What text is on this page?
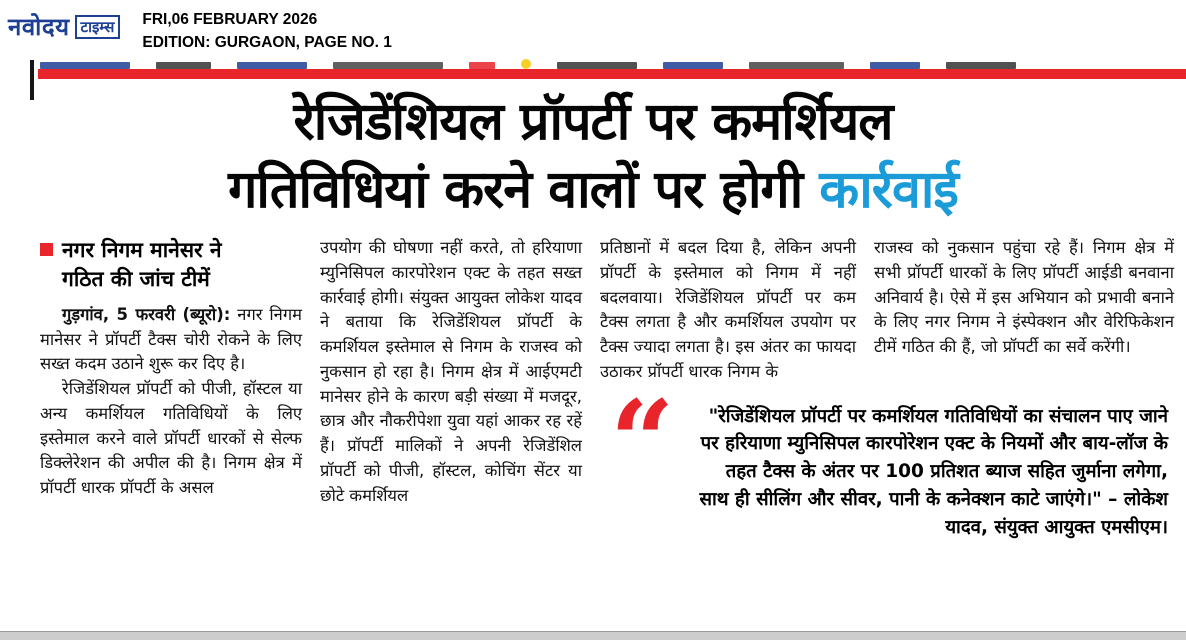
नवोदय टाइम्स	FRI,06 FEBRUARY 2026
EDITION: GURGAON, PAGE NO. 1
रेजिडेंशियल प्रॉपर्टी पर कमर्शियल
गतिविधियां करने वालों पर होगी कार्रवाई
नगर निगम मानेसर ने
गठित की जांच टीमें

गुड़गांव, 5 फरवरी (ब्यूरो): नगर निगम मानेसर ने प्रॉपर्टी टैक्स चोरी रोकने के लिए सख्त कदम उठाने शुरू कर दिए है।

रेजिडेंशियल प्रॉपर्टी को पीजी, हॉस्टल या अन्य कमर्शियल गतिविधियों के लिए इस्तेमाल करने वाले प्रॉपर्टी धारकों से सेल्फ डिक्लेरेशन की अपील की है। निगम क्षेत्र में प्रॉपर्टी धारक प्रॉपर्टी के असल

उपयोग की घोषणा नहीं करते, तो हरियाणा म्युनिसिपल कारपोरेशन एक्ट के तहत सख्त कार्रवाई होगी। संयुक्त आयुक्त लोकेश यादव ने बताया कि रेजिडेंशियल प्रॉपर्टी के कमर्शियल इस्तेमाल से निगम के राजस्व को नुकसान हो रहा है। निगम क्षेत्र में आईएमटी मानेसर होने के कारण बड़ी संख्या में मजदूर, छात्र और नौकरीपेशा युवा यहां आकर रह रहें हैं। प्रॉपर्टी मालिकों ने अपनी रेजिडेंशिल प्रॉपर्टी को पीजी, हॉस्टल, कोचिंग सेंटर या छोटे कमर्शियल

प्रतिष्ठानों में बदल दिया है, लेकिन अपनी प्रॉपर्टी के इस्तेमाल को निगम में नहीं बदलवाया। रेजिडेंशियल प्रॉपर्टी पर कम टैक्स लगता है और कमर्शियल उपयोग पर टैक्स ज्यादा लगता है। इस अंतर का फायदा उठाकर प्रॉपर्टी धारक निगम के

राजस्व को नुकसान पहुंचा रहे हैं। निगम क्षेत्र में सभी प्रॉपर्टी धारकों के लिए प्रॉपर्टी आईडी बनवाना अनिवार्य है। ऐसे में इस अभियान को प्रभावी बनाने के लिए नगर निगम ने इंस्पेक्शन और वेरिफिकेशन टीमें गठित की हैं, जो प्रॉपर्टी का सर्वे करेंगी।

“	"रेजिडेंशियल प्रॉपर्टी पर कमर्शियल गतिविधियों का संचालन पाए जाने पर हरियाणा म्युनिसिपल कारपोरेशन एक्ट के नियमों और बाय-लॉज के तहत टैक्स के अंतर पर 100 प्रतिशत ब्याज सहित जुर्माना लगेगा, साथ ही सीलिंग और सीवर, पानी के कनेक्शन काटे जाएंगे।" – लोकेश यादव, संयुक्त आयुक्त एमसीएम।
